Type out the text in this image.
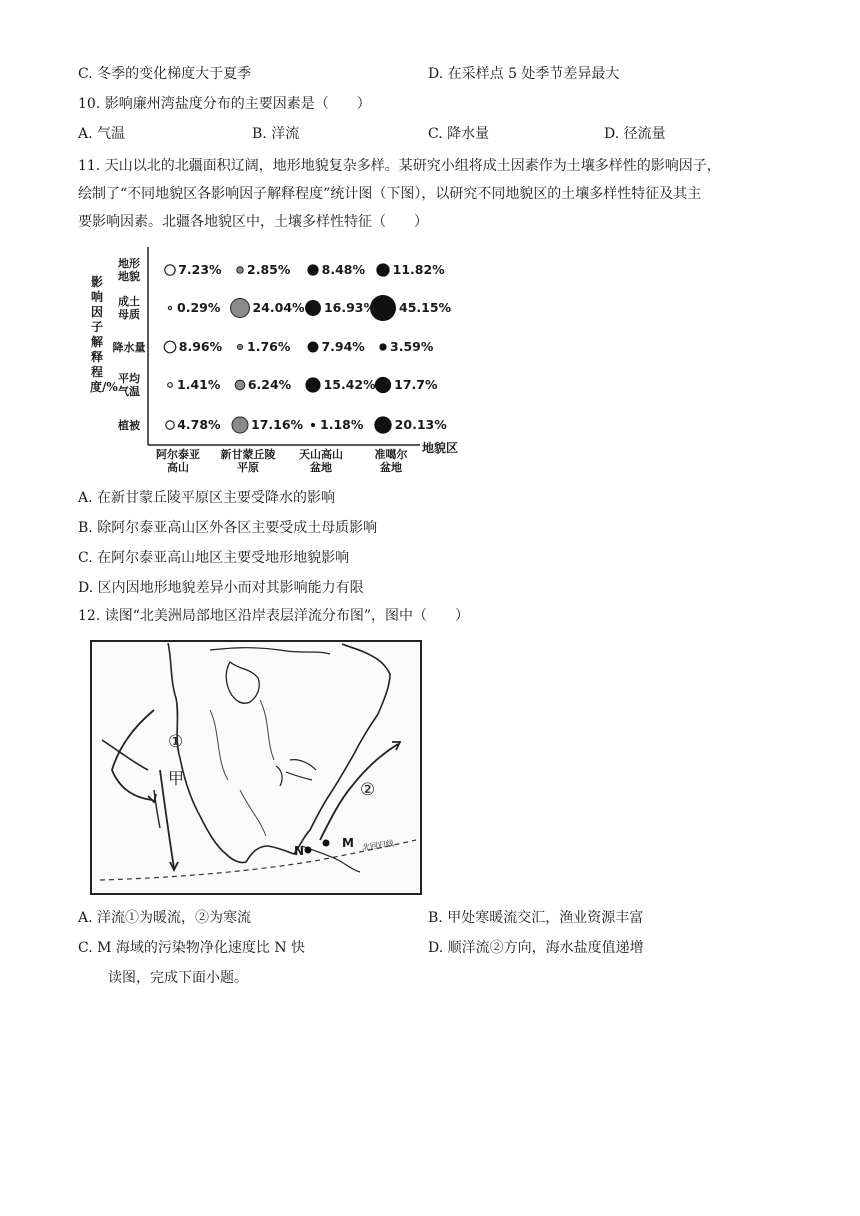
C. 冬季的变化梯度大于夏季	D. 在采样点 5 处季节差异最大
10. 影响廉州湾盐度分布的主要因素是（　　）
A. 气温	B. 洋流	C. 降水量	D. 径流量
11. 天山以北的北疆面积辽阔，地形地貌复杂多样。某研究小组将成土因素作为土壤多样性的影响因子，
绘制了“不同地貌区各影响因子解释程度”统计图（下图），以研究不同地貌区的土壤多样性特征及其主
要影响因素。北疆各地貌区中，土壤多样性特征（　　）
影响因子解释程度/%
地貌区
地形
地貌
成土
母质
降水量
平均
气温
植被
阿尔泰亚
高山
新甘蒙丘陵
平原
天山高山
盆地
准噶尔
盆地
7.23% 2.85%	8.48% 11.82%
0.29%	24.04% 16.93% 45.15%
8.96% 1.76% 7.94% 3.59%
1.41% 6.24%	15.42% 17.7%
4.78% 17.16% 1.18%	20.13%
A. 在新甘蒙丘陵平原区主要受降水的影响
B. 除阿尔泰亚高山区外各区主要受成土母质影响
C. 在阿尔泰亚高山地区主要受地形地貌影响
D. 区内因地形地貌差异小而对其影响能力有限
12. 读图“北美洲局部地区沿岸表层洋流分布图”，图中（　　）
①
甲
②
M
N	北回归线
A. 洋流①为暖流，②为寒流	B. 甲处寒暖流交汇，渔业资源丰富
C. M 海域的污染物净化速度比 N 快	D. 顺洋流②方向，海水盐度值递增
读图，完成下面小题。
